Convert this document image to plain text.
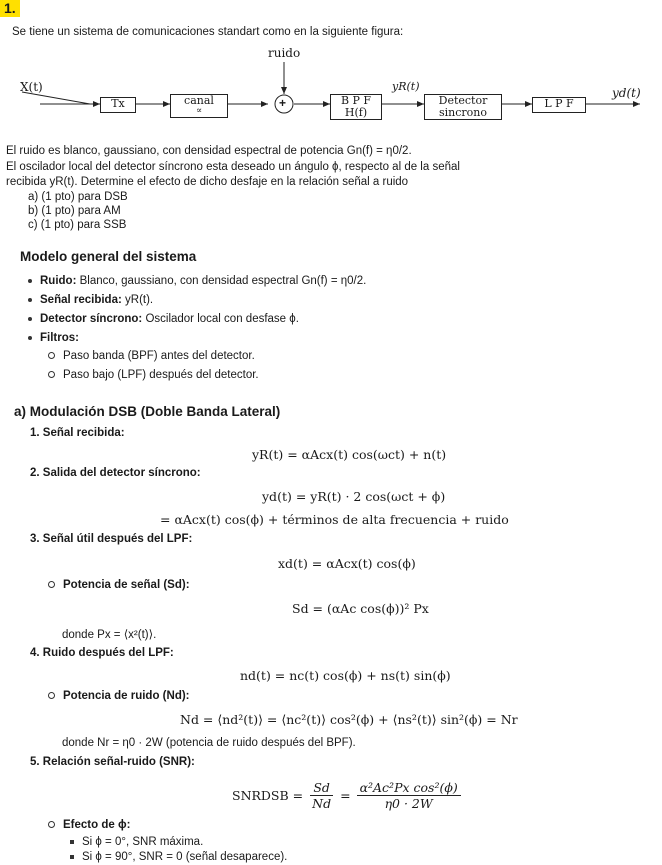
1.
Se tiene un sistema de comunicaciones standart como en la siguiente figura:
ruido
X(t)
Tx	canal
∝
+	B P F
H(f)
yR(t)
Detector
sincrono
L P F
yd(t)
El ruido es blanco, gaussiano, con densidad espectral de potencia Gn(f) = η0/2.
El oscilador local del detector síncrono esta deseado un ángulo ϕ, respecto al de la señal
recibida yR(t). Determine el efecto de dicho desfaje en la relación señal a ruido
a) (1 pto) para DSB
b) (1 pto) para AM
c) (1 pto) para SSB
Modelo general del sistema
Ruido: Blanco, gaussiano, con densidad espectral Gn(f) = η0/2.
Señal recibida: yR(t).
Detector síncrono: Oscilador local con desfase ϕ.
Filtros:
Paso banda (BPF) antes del detector.
Paso bajo (LPF) después del detector.
a) Modulación DSB (Doble Banda Lateral)
1. Señal recibida:
yR(t) = αAcx(t) cos(ωct) + n(t)
2. Salida del detector síncrono:
yd(t) = yR(t) · 2 cos(ωct + ϕ)
= αAcx(t) cos(ϕ) + términos de alta frecuencia + ruido
3. Señal útil después del LPF:
xd(t) = αAcx(t) cos(ϕ)
Potencia de señal (Sd):
Sd = (αAc cos(ϕ))² Px
donde Px = ⟨x²(t)⟩.
4. Ruido después del LPF:
nd(t) = nc(t) cos(ϕ) + ns(t) sin(ϕ)
Potencia de ruido (Nd):
Nd = ⟨nd²(t)⟩ = ⟨nc²(t)⟩ cos²(ϕ) + ⟨ns²(t)⟩ sin²(ϕ) = Nr
donde Nr = η0 · 2W (potencia de ruido después del BPF).
5. Relación señal-ruido (SNR):
SNRDSB = $\frac{Sd}{Nd} = \frac{\text{α²Ac²Px cos²(ϕ)}}{\eta 0 \cdot 2W}$
Efecto de ϕ:
Si ϕ = 0°, SNR máxima.
Si ϕ = 90°, SNR = 0 (señal desaparece).
